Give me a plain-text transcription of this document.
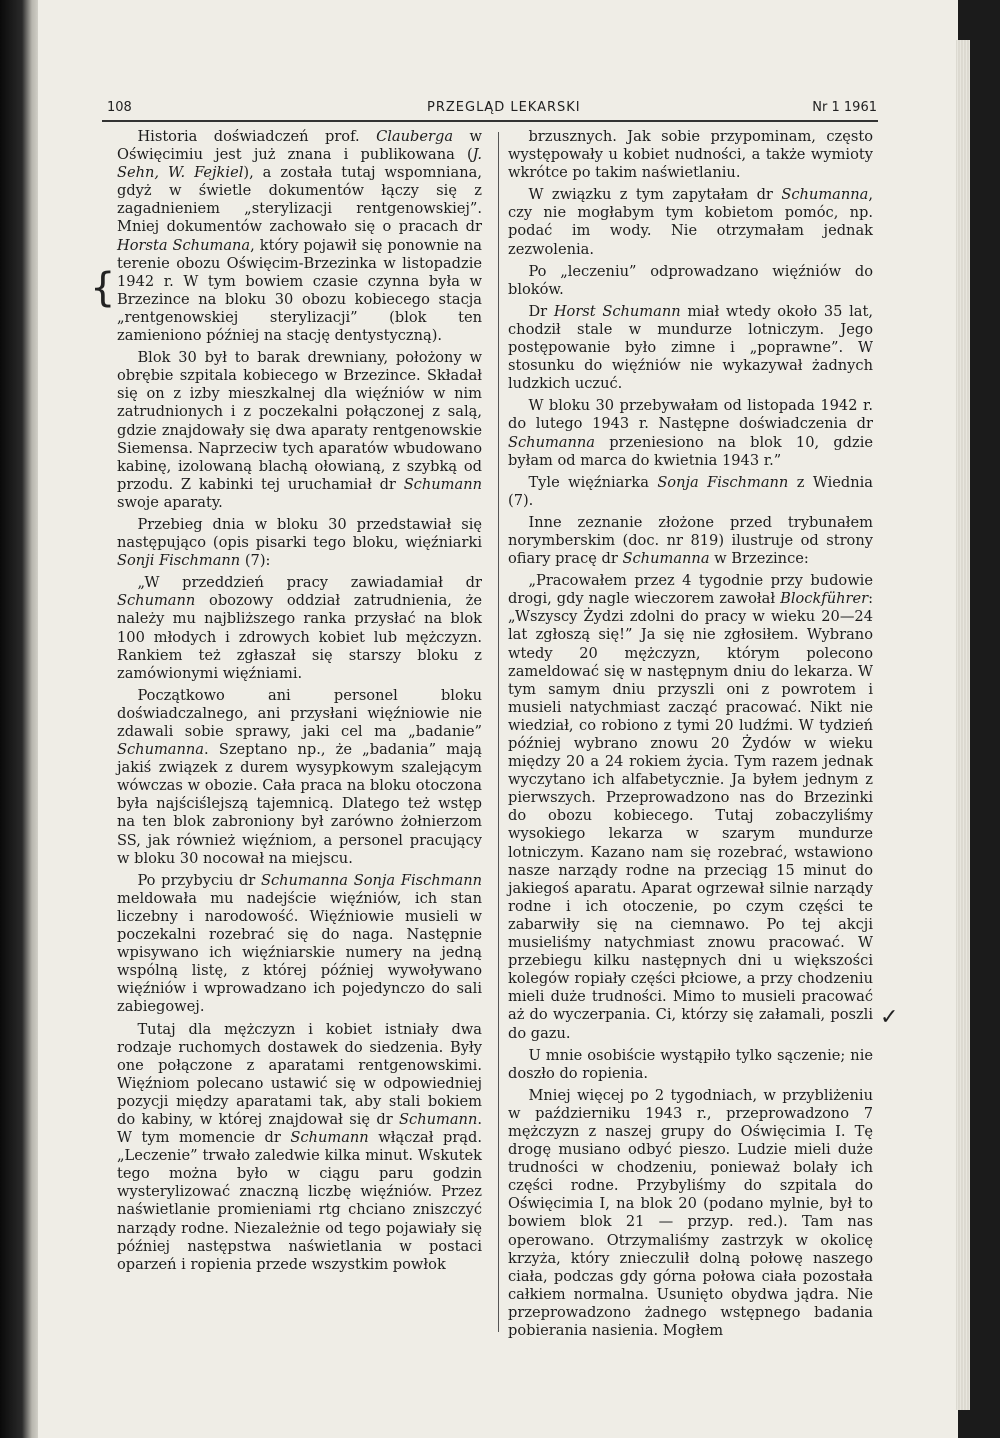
108	PRZEGLĄD LEKARSKI	Nr 1 1961

Historia doświadczeń prof. Clauberga w Oświęcimiu jest już znana i publikowana (J. Sehn, W. Fejkiel), a została tutaj wspomniana, gdyż w świetle dokumentów łączy się z zagadnieniem „sterylizacji rentgenowskiej”. Mniej dokumentów zachowało się o pracach dr Horsta Schumana, który pojawił się ponownie na terenie obozu Oświęcim-Brzezinka w listopadzie 1942 r. W tym bowiem czasie czynna była w Brzezince na bloku 30 obozu kobiecego stacja „rentgenowskiej sterylizacji” (blok ten zamieniono później na stację dentystyczną).

Blok 30 był to barak drewniany, położony w obrębie szpitala kobiecego w Brzezince. Składał się on z izby mieszkalnej dla więźniów w nim zatrudnionych i z poczekalni połączonej z salą, gdzie znajdowały się dwa aparaty rentgenowskie Siemensa. Naprzeciw tych aparatów wbudowano kabinę, izolowaną blachą ołowianą, z szybką od przodu. Z kabinki tej uruchamiał dr Schumann swoje aparaty.

Przebieg dnia w bloku 30 przedstawiał się następująco (opis pisarki tego bloku, więźniarki Sonji Fischmann (7):

„W przeddzień pracy zawiadamiał dr Schumann obozowy oddział zatrudnienia, że należy mu najbliższego ranka przysłać na blok 100 młodych i zdrowych kobiet lub mężczyzn. Rankiem też zgłaszał się starszy bloku z zamówionymi więźniami.

Początkowo ani personel bloku doświadczalnego, ani przysłani więźniowie nie zdawali sobie sprawy, jaki cel ma „badanie” Schumanna. Szeptano np., że „badania” mają jakiś związek z durem wysypkowym szalejącym wówczas w obozie. Cała praca na bloku otoczona była najściślejszą tajemnicą. Dlatego też wstęp na ten blok zabroniony był zarówno żołnierzom SS, jak również więźniom, a personel pracujący w bloku 30 nocował na miejscu.

Po przybyciu dr Schumanna Sonja Fischmann meldowała mu nadejście więźniów, ich stan liczebny i narodowość. Więźniowie musieli w poczekalni rozebrać się do naga. Następnie wpisywano ich więźniarskie numery na jedną wspólną listę, z której później wywoływano więźniów i wprowadzano ich pojedynczo do sali zabiegowej.

Tutaj dla mężczyzn i kobiet istniały dwa rodzaje ruchomych dostawek do siedzenia. Były one połączone z aparatami rentgenowskimi. Więźniom polecano ustawić się w odpowiedniej pozycji między aparatami tak, aby stali bokiem do kabiny, w której znajdował się dr Schumann. W tym momencie dr Schumann włączał prąd. „Leczenie” trwało zaledwie kilka minut. Wskutek tego można było w ciągu paru godzin wysterylizować znaczną liczbę więźniów. Przez naświetlanie promieniami rtg chciano zniszczyć narządy rodne. Niezależnie od tego pojawiały się później następstwa naświetlania w postaci oparzeń i ropienia przede wszystkim powłok

brzusznych. Jak sobie przypominam, często występowały u kobiet nudności, a także wymioty wkrótce po takim naświetlaniu.

W związku z tym zapytałam dr Schumanna, czy nie mogłabym tym kobietom pomóc, np. podać im wody. Nie otrzymałam jednak zezwolenia.

Po „leczeniu” odprowadzano więźniów do bloków.

Dr Horst Schumann miał wtedy około 35 lat, chodził stale w mundurze lotniczym. Jego postępowanie było zimne i „poprawne”. W stosunku do więźniów nie wykazywał żadnych ludzkich uczuć.

W bloku 30 przebywałam od listopada 1942 r. do lutego 1943 r. Następne doświadczenia dr Schumanna przeniesiono na blok 10, gdzie byłam od marca do kwietnia 1943 r.”

Tyle więźniarka Sonja Fischmann z Wiednia (7).

Inne zeznanie złożone przed trybunałem norymberskim (doc. nr 819) ilustruje od strony ofiary pracę dr Schumanna w Brzezince:

„Pracowałem przez 4 tygodnie przy budowie drogi, gdy nagle wieczorem zawołał Blockführer: „Wszyscy Żydzi zdolni do pracy w wieku 20—24 lat zgłoszą się!” Ja się nie zgłosiłem. Wybrano wtedy 20 mężczyzn, którym polecono zameldować się w następnym dniu do lekarza. W tym samym dniu przyszli oni z powrotem i musieli natychmiast zacząć pracować. Nikt nie wiedział, co robiono z tymi 20 ludźmi. W tydzień później wybrano znowu 20 Żydów w wieku między 20 a 24 rokiem życia. Tym razem jednak wyczytano ich alfabetycznie. Ja byłem jednym z pierwszych. Przeprowadzono nas do Brzezinki do obozu kobiecego. Tutaj zobaczyliśmy wysokiego lekarza w szarym mundurze lotniczym. Kazano nam się rozebrać, wstawiono nasze narządy rodne na przeciąg 15 minut do jakiegoś aparatu. Aparat ogrzewał silnie narządy rodne i ich otoczenie, po czym części te zabarwiły się na ciemnawo. Po tej akcji musieliśmy natychmiast znowu pracować. W przebiegu kilku następnych dni u większości kolegów ropiały części płciowe, a przy chodzeniu mieli duże trudności. Mimo to musieli pracować aż do wyczerpania. Ci, którzy się załamali, poszli do gazu.

U mnie osobiście wystąpiło tylko sączenie; nie doszło do ropienia.

Mniej więcej po 2 tygodniach, w przybliżeniu w październiku 1943 r., przeprowadzono 7 mężczyzn z naszej grupy do Oświęcimia I. Tę drogę musiano odbyć pieszo. Ludzie mieli duże trudności w chodzeniu, ponieważ bolały ich części rodne. Przybyliśmy do szpitala do Oświęcimia I, na blok 20 (podano mylnie, był to bowiem blok 21 — przyp. red.). Tam nas operowano. Otrzymaliśmy zastrzyk w okolicę krzyża, który znieczulił dolną połowę naszego ciała, podczas gdy górna połowa ciała pozostała całkiem normalna. Usunięto obydwa jądra. Nie przeprowadzono żadnego wstępnego badania pobierania nasienia. Mogłem

{
✓
